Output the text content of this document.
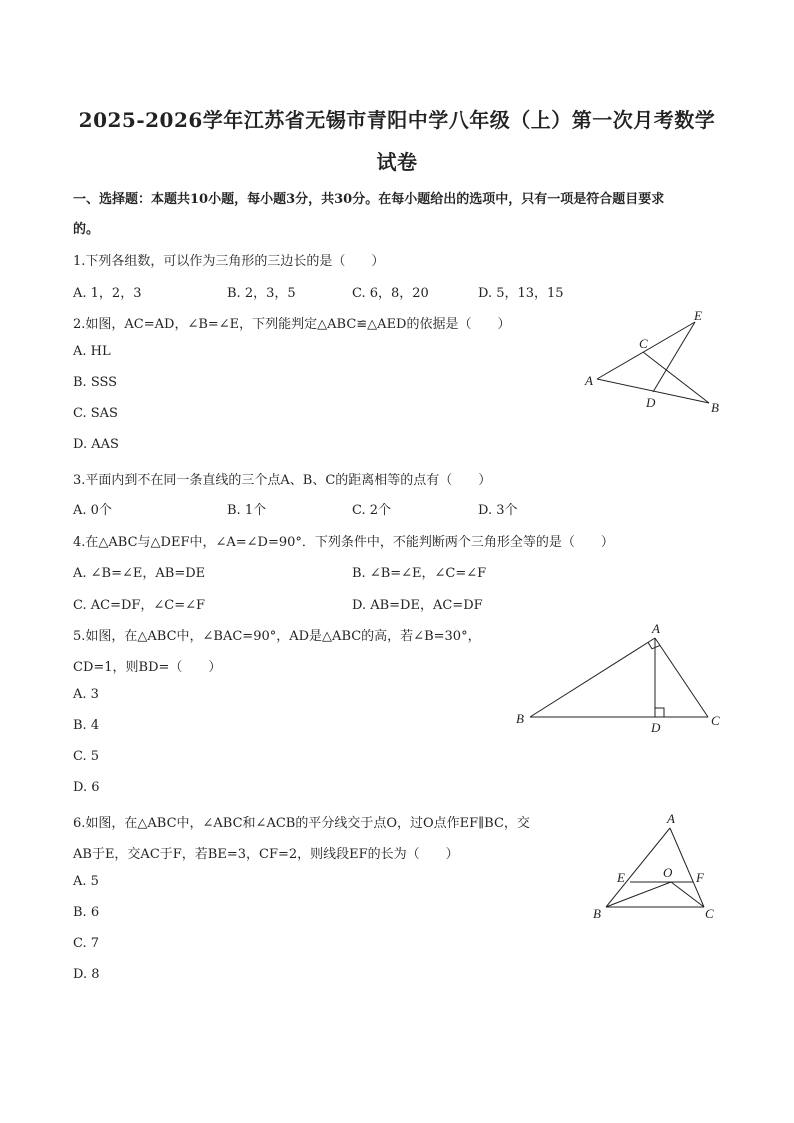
2025-2026学年江苏省无锡市青阳中学八年级（上）第一次月考数学
试卷
一、选择题：本题共10小题，每小题3分，共30分。在每小题给出的选项中，只有一项是符合题目要求
的。
1.下列各组数，可以作为三角形的三边长的是（　　）
A. 1，2，3	B. 2，3，5	C. 6，8，20	D. 5，13，15
2.如图，AC=AD，∠B=∠E，下列能判定△ABC≌△AED的依据是（　　）
A. HL
B. SSS
C. SAS
D. AAS
E
C
A
D	B
3.平面内到不在同一条直线的三个点A、B、C的距离相等的点有（　　）
A. 0个	B. 1个	C. 2个	D. 3个
4.在△ABC与△DEF中，∠A=∠D=90°．下列条件中，不能判断两个三角形全等的是（　　）
A. ∠B=∠E，AB=DE	B. ∠B=∠E，∠C=∠F
C. AC=DF，∠C=∠F	D. AB=DE，AC=DF
5.如图，在△ABC中，∠BAC=90°，AD是△ABC的高，若∠B=30°，
CD=1，则BD=（　　）
A. 3
B. 4
C. 5
D. 6
A
B
D	C
6.如图，在△ABC中，∠ABC和∠ACB的平分线交于点O，过O点作EF∥BC，交
AB于E，交AC于F，若BE=3，CF=2，则线段EF的长为（　　）
A. 5
B. 6
C. 7
D. 8
A
E	O F
B	C
